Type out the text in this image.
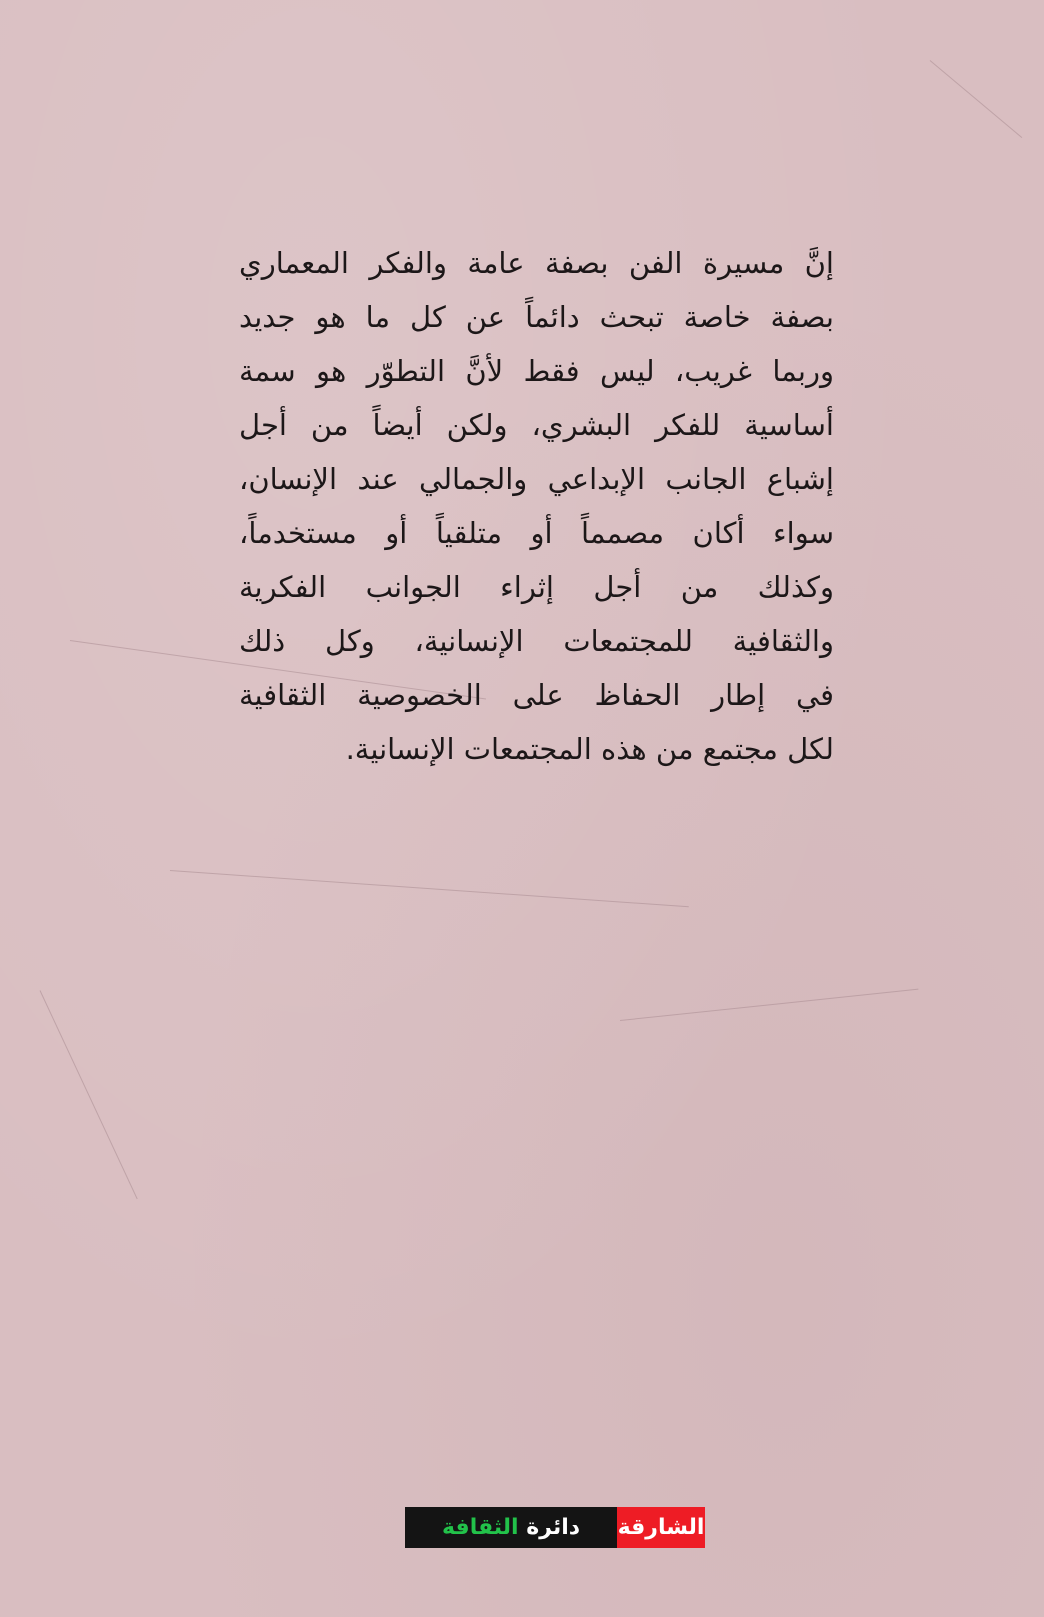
إنَّ مسيرة الفن بصفة عامة والفكر المعماري
بصفة خاصة تبحث دائماً عن كل ما هو جديد
وربما غريب، ليس فقط لأنَّ التطوّر هو سمة
أساسية للفكر البشري، ولكن أيضاً من أجل
إشباع الجانب الإبداعي والجمالي عند الإنسان،
سواء أكان مصمماً أو متلقياً أو مستخدماً،
وكذلك من أجل إثراء الجوانب الفكرية
والثقافية للمجتمعات الإنسانية، وكل ذلك
في إطار الحفاظ على الخصوصية الثقافية
لكل مجتمع من هذه المجتمعات الإنسانية.
الشارقة
دائرة

الثقافة
